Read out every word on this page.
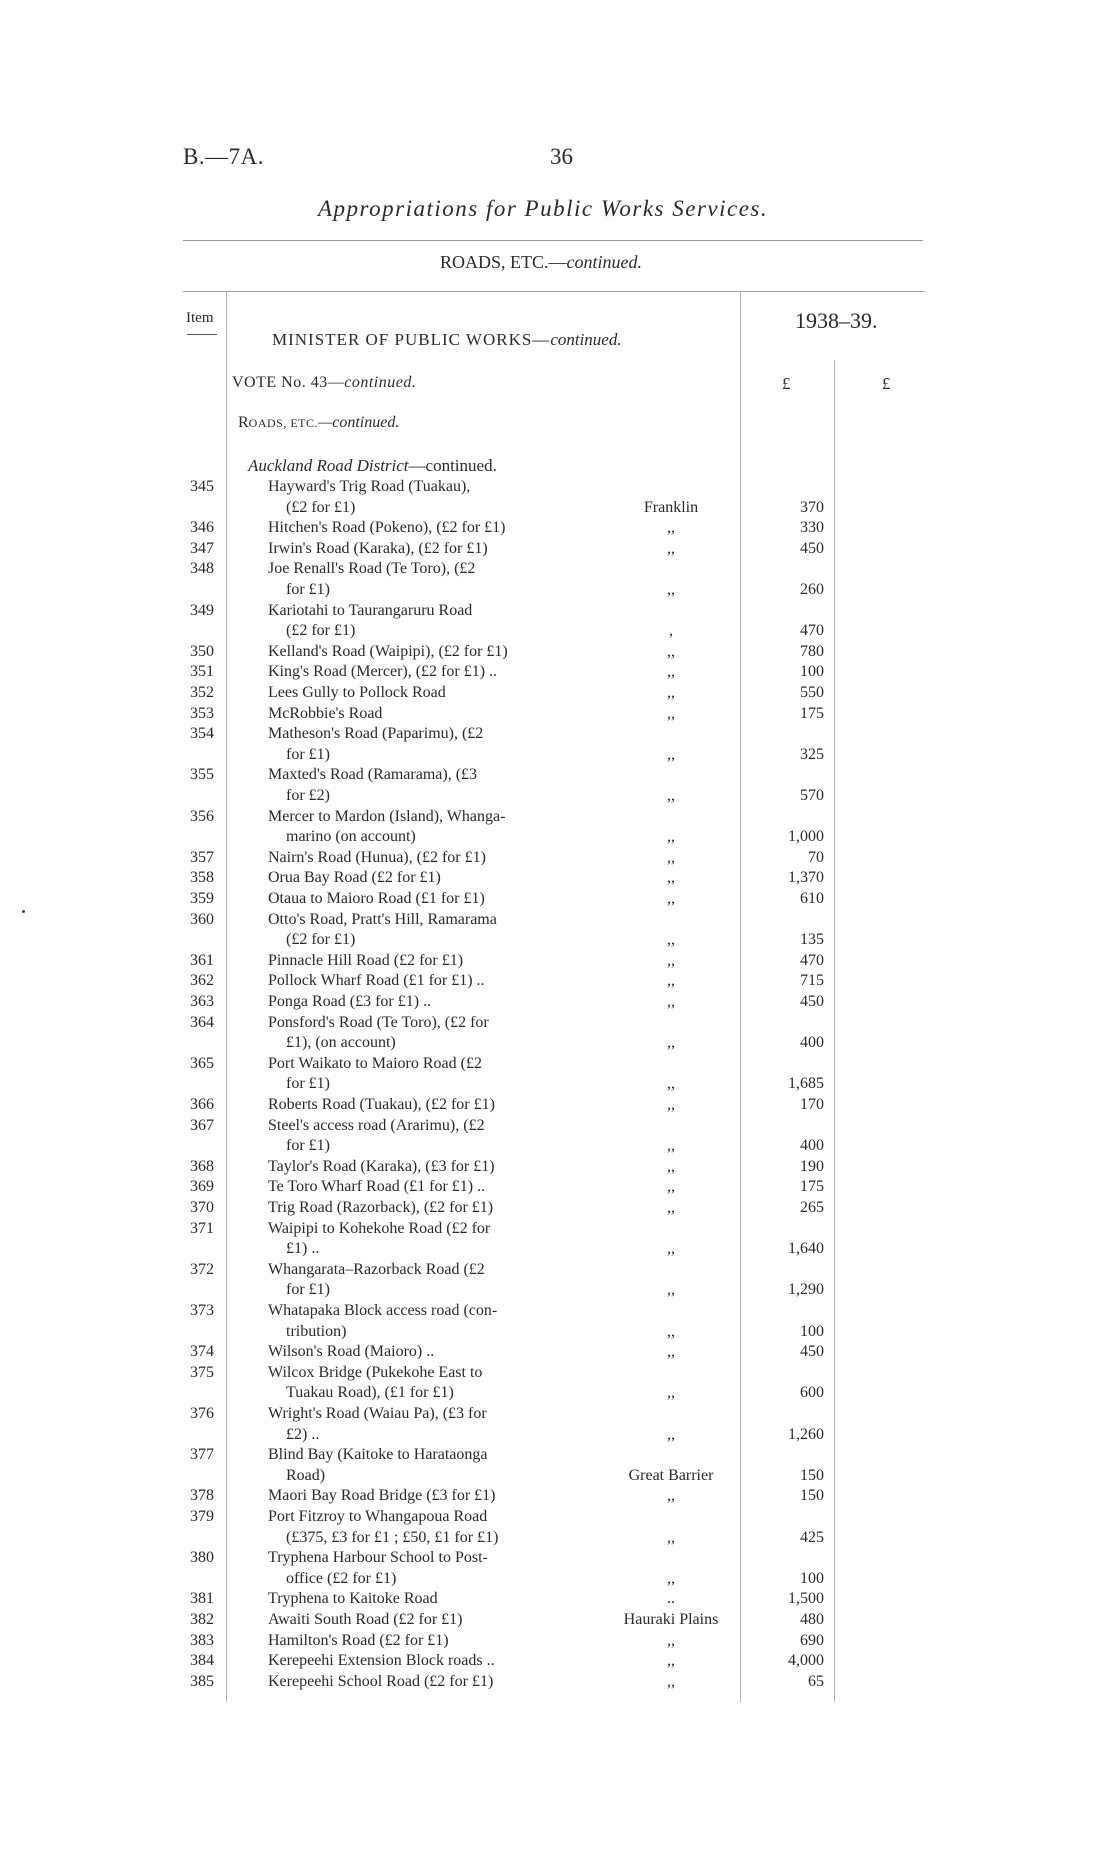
B.—7A.	36
Appropriations for Public Works Services.
ROADS, ETC.—continued.
Item	1938–39.
MINISTER OF PUBLIC WORKS—continued.
VOTE No. 43—continued.	£	£
ROADS, ETC.—continued.
Auckland Road District—continued.
345	Hayward's Trig Road (Tuakau),
(£2 for £1)	Franklin	370
346	Hitchen's Road (Pokeno), (£2 for £1)	,,	330
347	Irwin's Road (Karaka), (£2 for £1)	,,	450
348	Joe Renall's Road (Te Toro), (£2
for £1)	,,	260
349	Kariotahi to Taurangaruru Road
(£2 for £1)	,	470
350	Kelland's Road (Waipipi), (£2 for £1)	,,	780
351	King's Road (Mercer), (£2 for £1) ..	,,	100
352	Lees Gully to Pollock Road	,,	550
353	McRobbie's Road	,,	175
354	Matheson's Road (Paparimu), (£2
for £1)	,,	325
355	Maxted's Road (Ramarama), (£3
for £2)	,,	570
356	Mercer to Mardon (Island), Whanga-
marino (on account)	,,	1,000
357	Nairn's Road (Hunua), (£2 for £1)	,,	70
358	Orua Bay Road (£2 for £1)	,,	1,370
359	Otaua to Maioro Road (£1 for £1)	,,	610
360	Otto's Road, Pratt's Hill, Ramarama
(£2 for £1)	,,	135
361	Pinnacle Hill Road (£2 for £1)	,,	470
362	Pollock Wharf Road (£1 for £1) ..	,,	715
363	Ponga Road (£3 for £1) ..	,,	450
364	Ponsford's Road (Te Toro), (£2 for
£1), (on account)	,,	400
365	Port Waikato to Maioro Road (£2
for £1)	,,	1,685
366	Roberts Road (Tuakau), (£2 for £1)	,,	170
367	Steel's access road (Ararimu), (£2
for £1)	,,	400
368	Taylor's Road (Karaka), (£3 for £1)	,,	190
369	Te Toro Wharf Road (£1 for £1) ..	,,	175
370	Trig Road (Razorback), (£2 for £1)	,,	265
371	Waipipi to Kohekohe Road (£2 for
£1) ..	,,	1,640
372	Whangarata–Razorback Road (£2
for £1)	,,	1,290
373	Whatapaka Block access road (con-
tribution)	,,	100
374	Wilson's Road (Maioro) ..	,,	450
375	Wilcox Bridge (Pukekohe East to
Tuakau Road), (£1 for £1)	,,	600
376	Wright's Road (Waiau Pa), (£3 for
£2) ..	,,	1,260
377	Blind Bay (Kaitoke to Harataonga
Road)	Great Barrier	150
378	Maori Bay Road Bridge (£3 for £1)	,,	150
379	Port Fitzroy to Whangapoua Road
(£375, £3 for £1 ; £50, £1 for £1)	,,	425
380	Tryphena Harbour School to Post-
office (£2 for £1)	,,	100
381	Tryphena to Kaitoke Road	..	1,500
382	Awaiti South Road (£2 for £1)	Hauraki Plains	480
383	Hamilton's Road (£2 for £1)	,,	690
384	Kerepeehi Extension Block roads ..	,,	4,000
385	Kerepeehi School Road (£2 for £1)	,,	65
